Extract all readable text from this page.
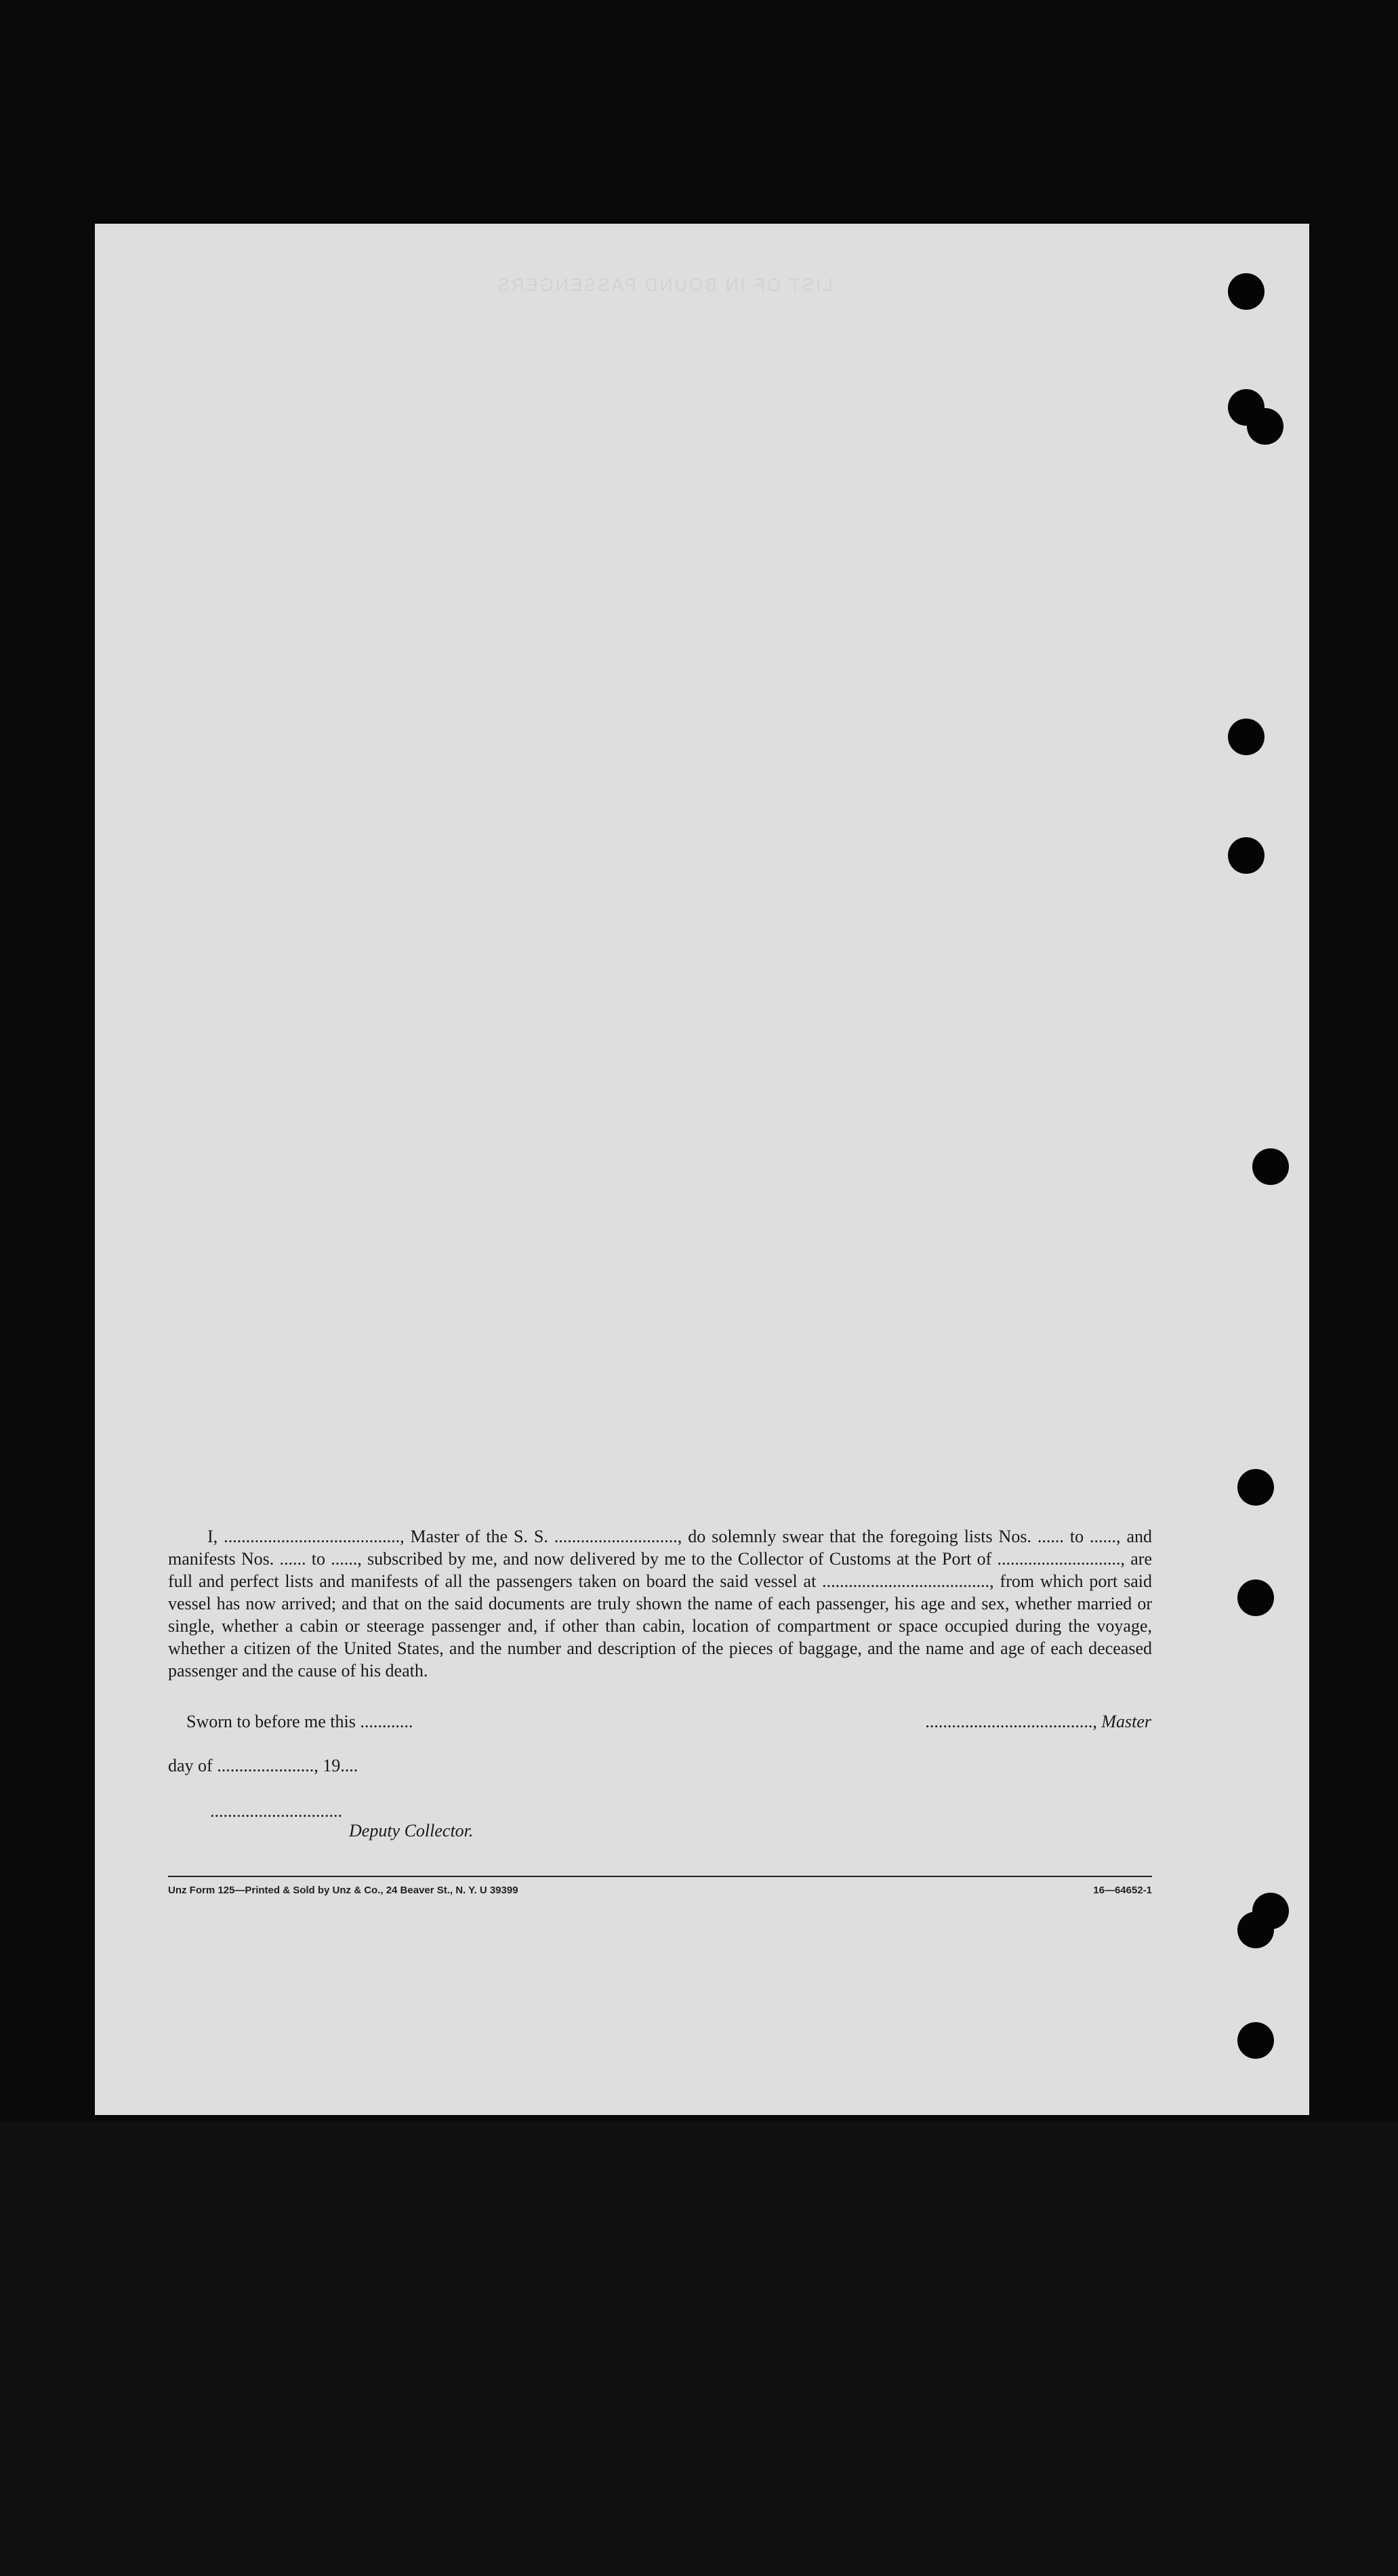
LIST OF IN BOUND PASSENGERS

I, ........................................, Master of the S. S. ............................, do solemnly swear that the foregoing lists Nos. ...... to ......, and manifests Nos. ...... to ......, subscribed by me, and now delivered by me to the Collector of Customs at the Port of ............................, are full and perfect lists and manifests of all the passengers taken on board the said vessel at ......................................, from which port said vessel has now arrived; and that on the said documents are truly shown the name of each passenger, his age and sex, whether married or single, whether a cabin or steerage passenger and, if other than cabin, location of compartment or space occupied during the voyage, whether a citizen of the United States, and the number and description of the pieces of baggage, and the name and age of each deceased passenger and the cause of his death.

Sworn to before me this ............	......................................, Master
day of ......................, 19....
..............................
Deputy Collector.
Unz Form 125—Printed & Sold by Unz & Co., 24 Beaver St., N. Y. U 39399	16—64652-1
